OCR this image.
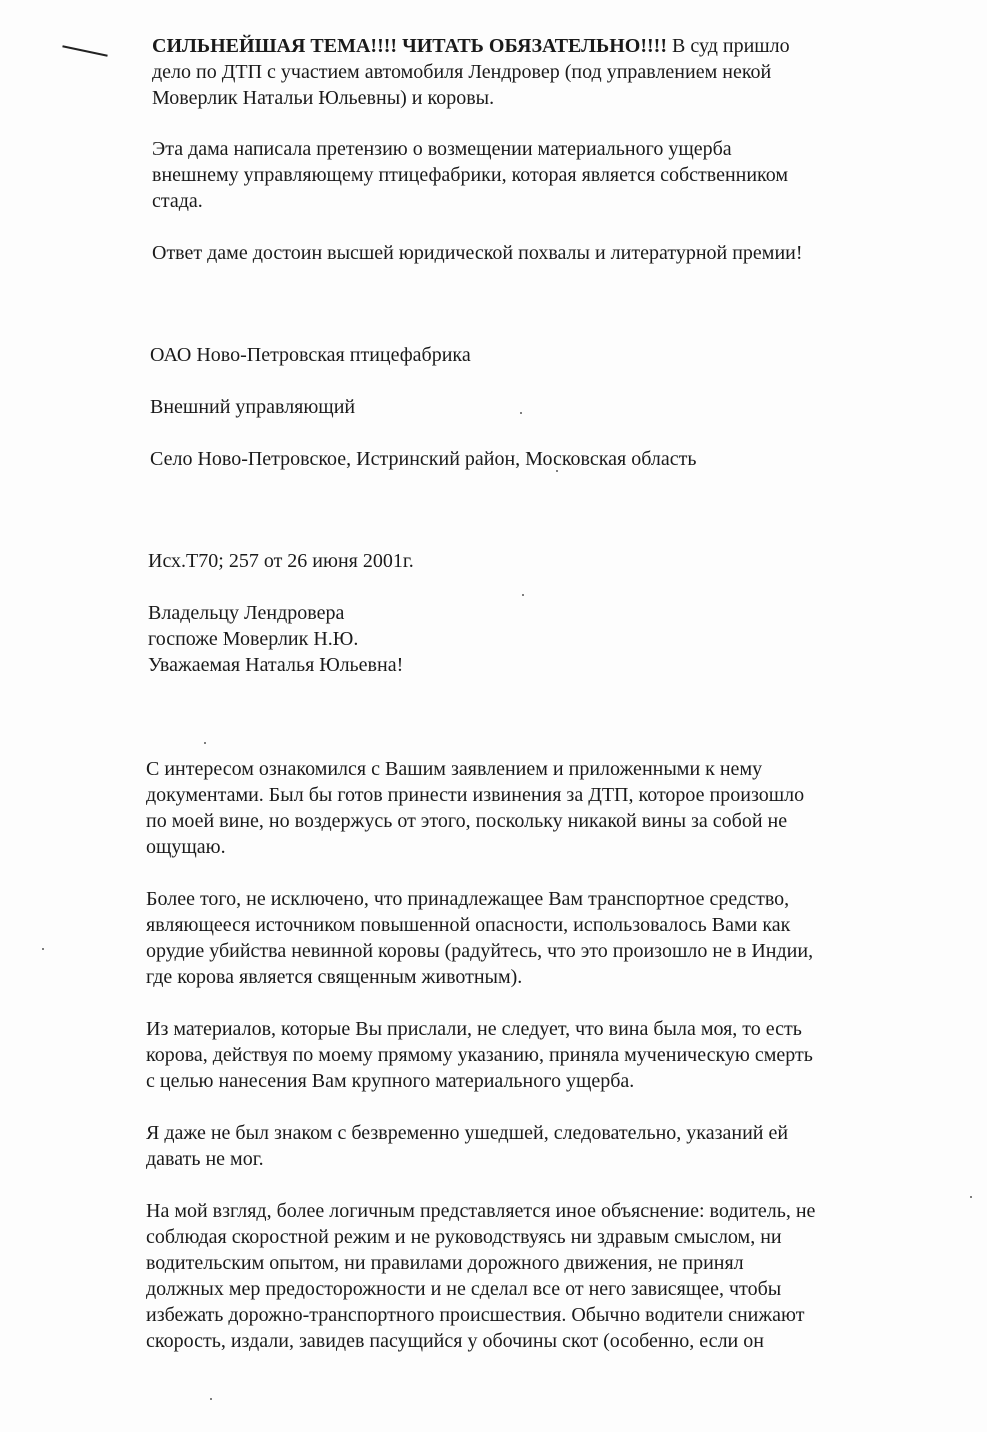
СИЛЬНЕЙШАЯ ТЕМА!!!! ЧИТАТЬ ОБЯЗАТЕЛЬНО!!!! В суд пришло
дело по ДТП с участием автомобиля Лендровер (под управлением некой
Моверлик Натальи Юльевны) и коровы.
Эта дама написала претензию о возмещении материального ущерба
внешнему управляющему птицефабрики, которая является собственником
стада.
Ответ даме достоин высшей юридической похвалы и литературной премии!
ОАО Ново-Петровская птицефабрика
Внешний управляющий
Село Ново-Петровское, Истринский район, Московская область
Исх.Т70; 257 от 26 июня 2001г.
Владельцу Лендровера
госпоже Моверлик Н.Ю.
Уважаемая Наталья Юльевна!
С интересом ознакомился с Вашим заявлением и приложенными к нему
документами. Был бы готов принести извинения за ДТП, которое произошло
по моей вине, но воздержусь от этого, поскольку никакой вины за собой не
ощущаю.
Более того, не исключено, что принадлежащее Вам транспортное средство,
являющееся источником повышенной опасности, использовалось Вами как
орудие убийства невинной коровы (радуйтесь, что это произошло не в Индии,
где корова является священным животным).
Из материалов, которые Вы прислали, не следует, что вина была моя, то есть
корова, действуя по моему прямому указанию, приняла мученическую смерть
с целью нанесения Вам крупного материального ущерба.
Я даже не был знаком с безвременно ушедшей, следовательно, указаний ей
давать не мог.
На мой взгляд, более логичным представляется иное объяснение: водитель, не
соблюдая скоростной режим и не руководствуясь ни здравым смыслом, ни
водительским опытом, ни правилами дорожного движения, не принял
должных мер предосторожности и не сделал все от него зависящее, чтобы
избежать дорожно-транспортного происшествия. Обычно водители снижают
скорость, издали, завидев пасущийся у обочины скот (особенно, если он
